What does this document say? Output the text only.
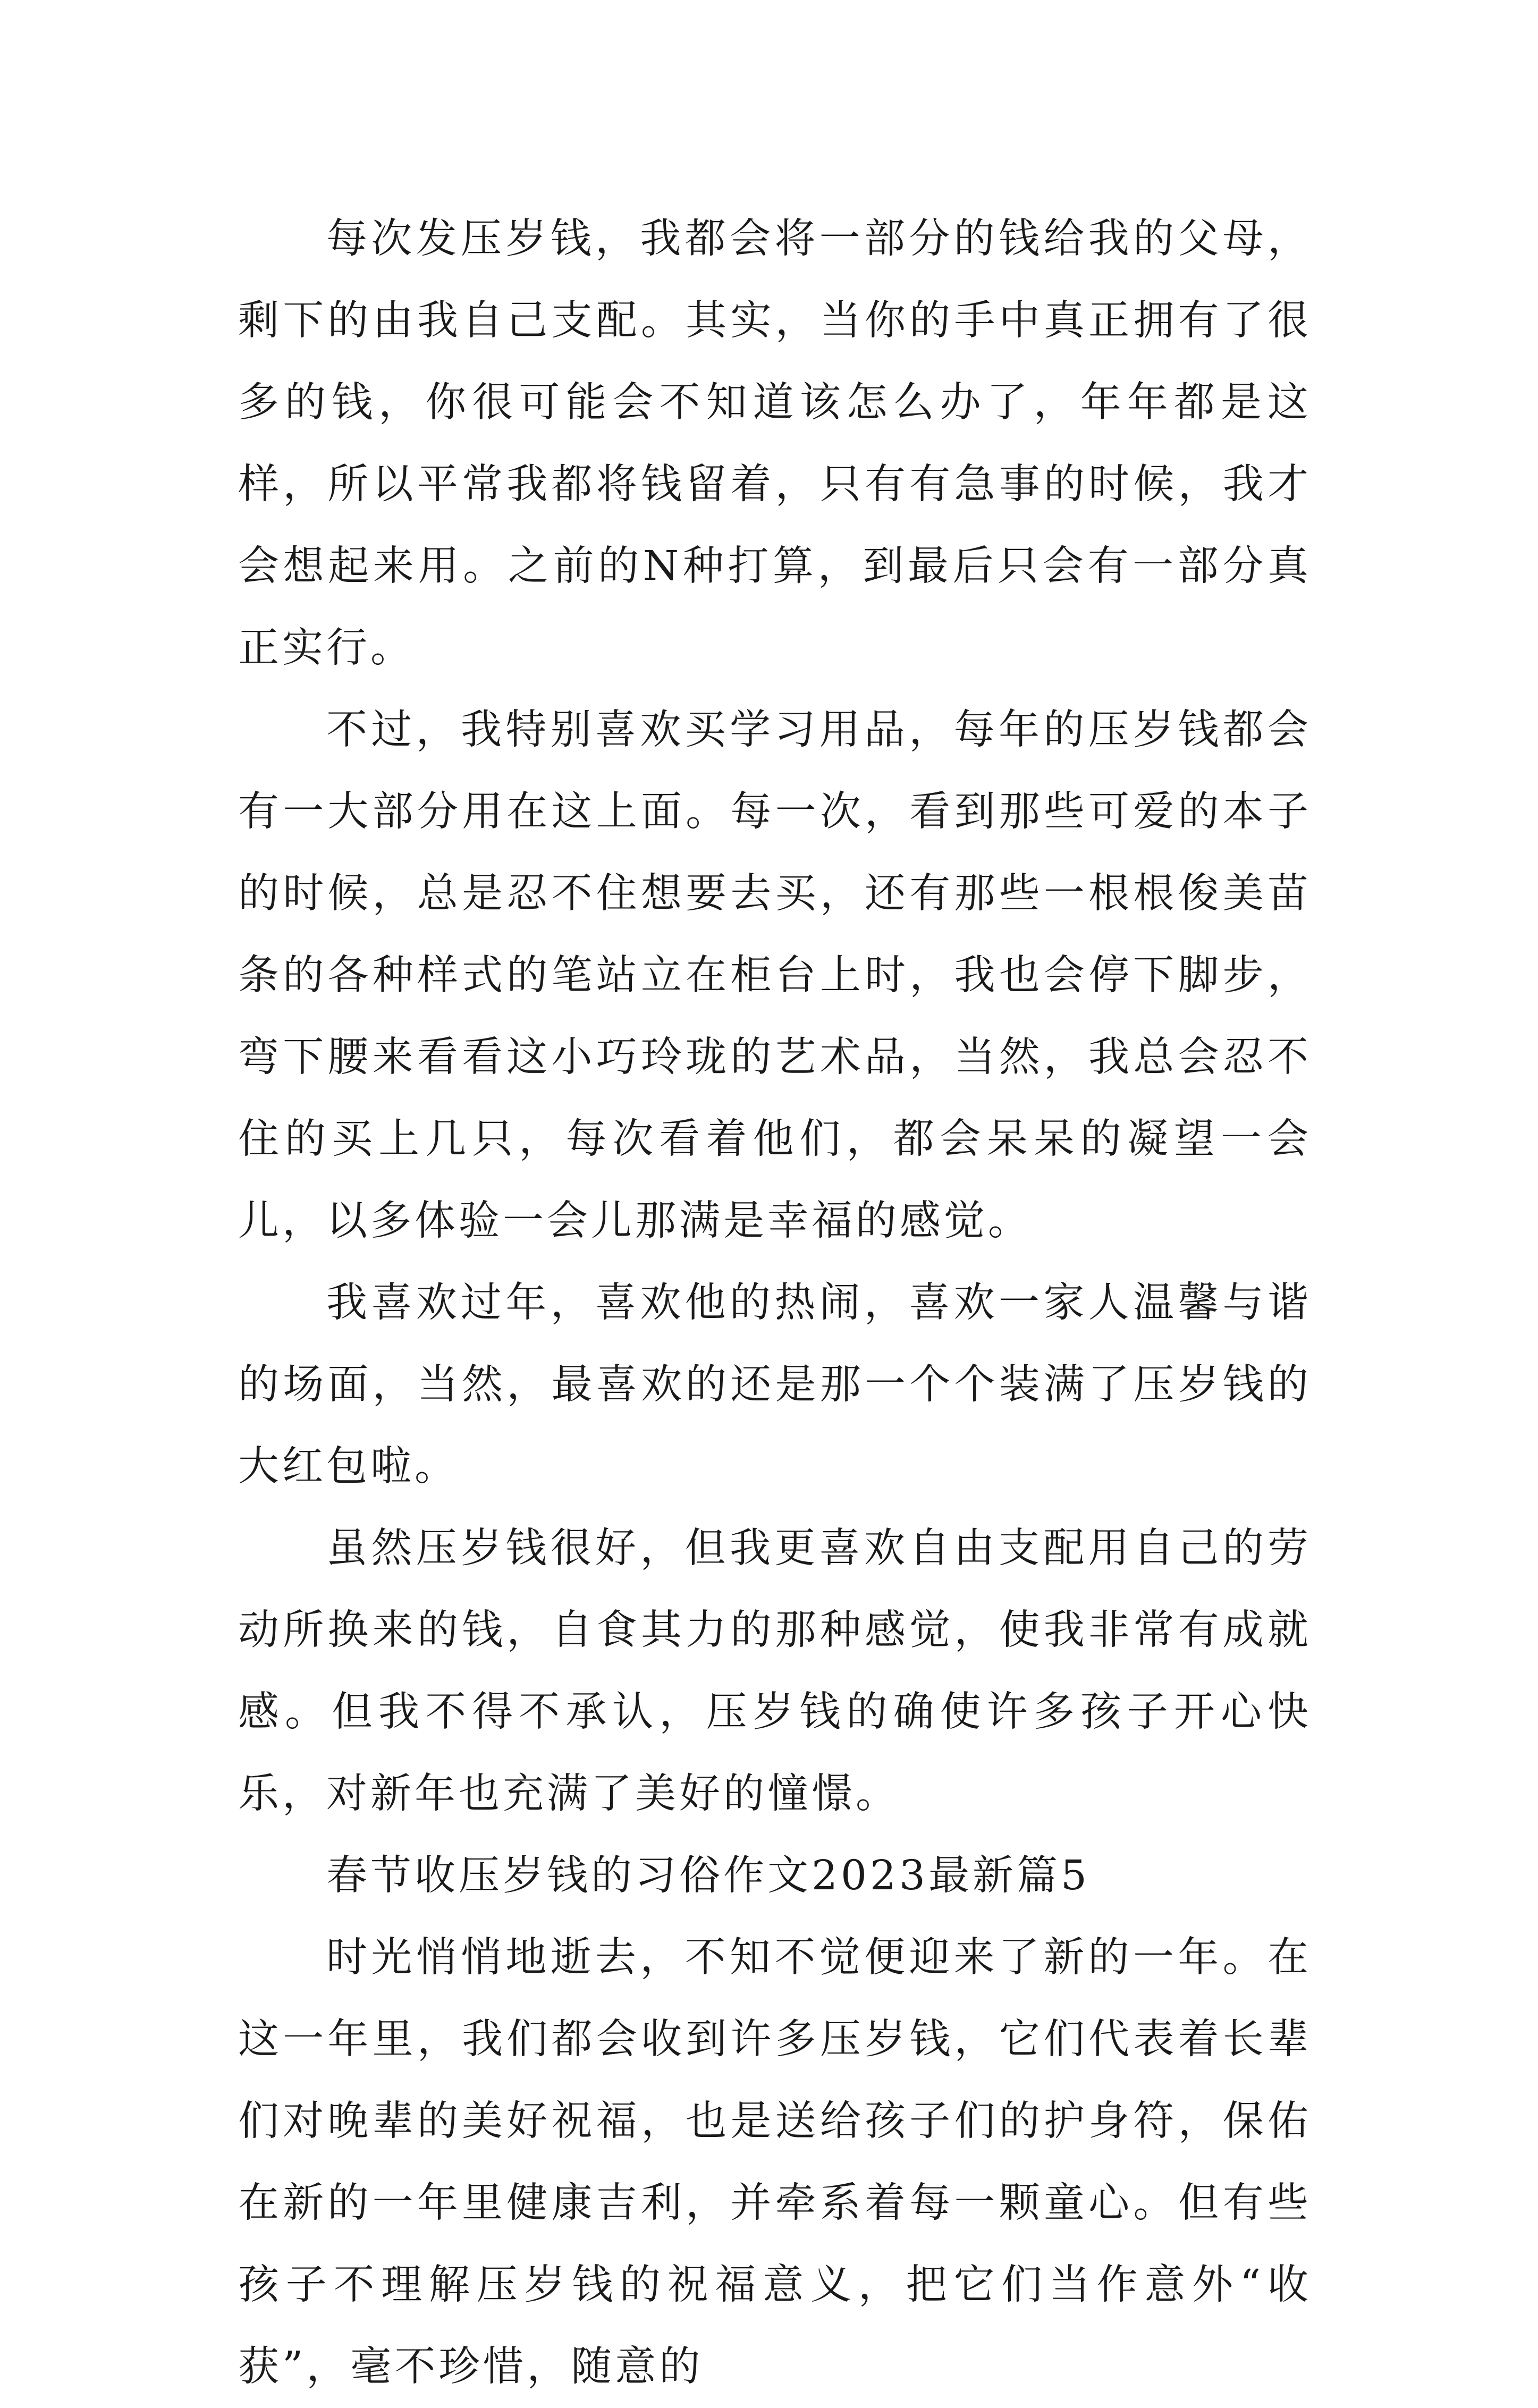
每次发压岁钱，我都会将一部分的钱给我的父母，剩下的由我自己支配。其实，当你的手中真正拥有了很多的钱，你很可能会不知道该怎么办了，年年都是这样，所以平常我都将钱留着，只有有急事的时候，我才会想起来用。之前的N种打算，到最后只会有一部分真正实行。

不过，我特别喜欢买学习用品，每年的压岁钱都会有一大部分用在这上面。每一次，看到那些可爱的本子的时候，总是忍不住想要去买，还有那些一根根俊美苗条的各种样式的笔站立在柜台上时，我也会停下脚步，弯下腰来看看这小巧玲珑的艺术品，当然，我总会忍不住的买上几只，每次看着他们，都会呆呆的凝望一会儿，以多体验一会儿那满是幸福的感觉。

我喜欢过年，喜欢他的热闹，喜欢一家人温馨与谐的场面，当然，最喜欢的还是那一个个装满了压岁钱的大红包啦。

虽然压岁钱很好，但我更喜欢自由支配用自己的劳动所换来的钱，自食其力的那种感觉，使我非常有成就感。但我不得不承认，压岁钱的确使许多孩子开心快乐，对新年也充满了美好的憧憬。

春节收压岁钱的习俗作文2023最新篇5

时光悄悄地逝去，不知不觉便迎来了新的一年。在这一年里，我们都会收到许多压岁钱，它们代表着长辈们对晚辈的美好祝福，也是送给孩子们的护身符，保佑在新的一年里健康吉利，并牵系着每一颗童心。但有些孩子不理解压岁钱的祝福意义，把它们当作意外“收获”，毫不珍惜，随意的
